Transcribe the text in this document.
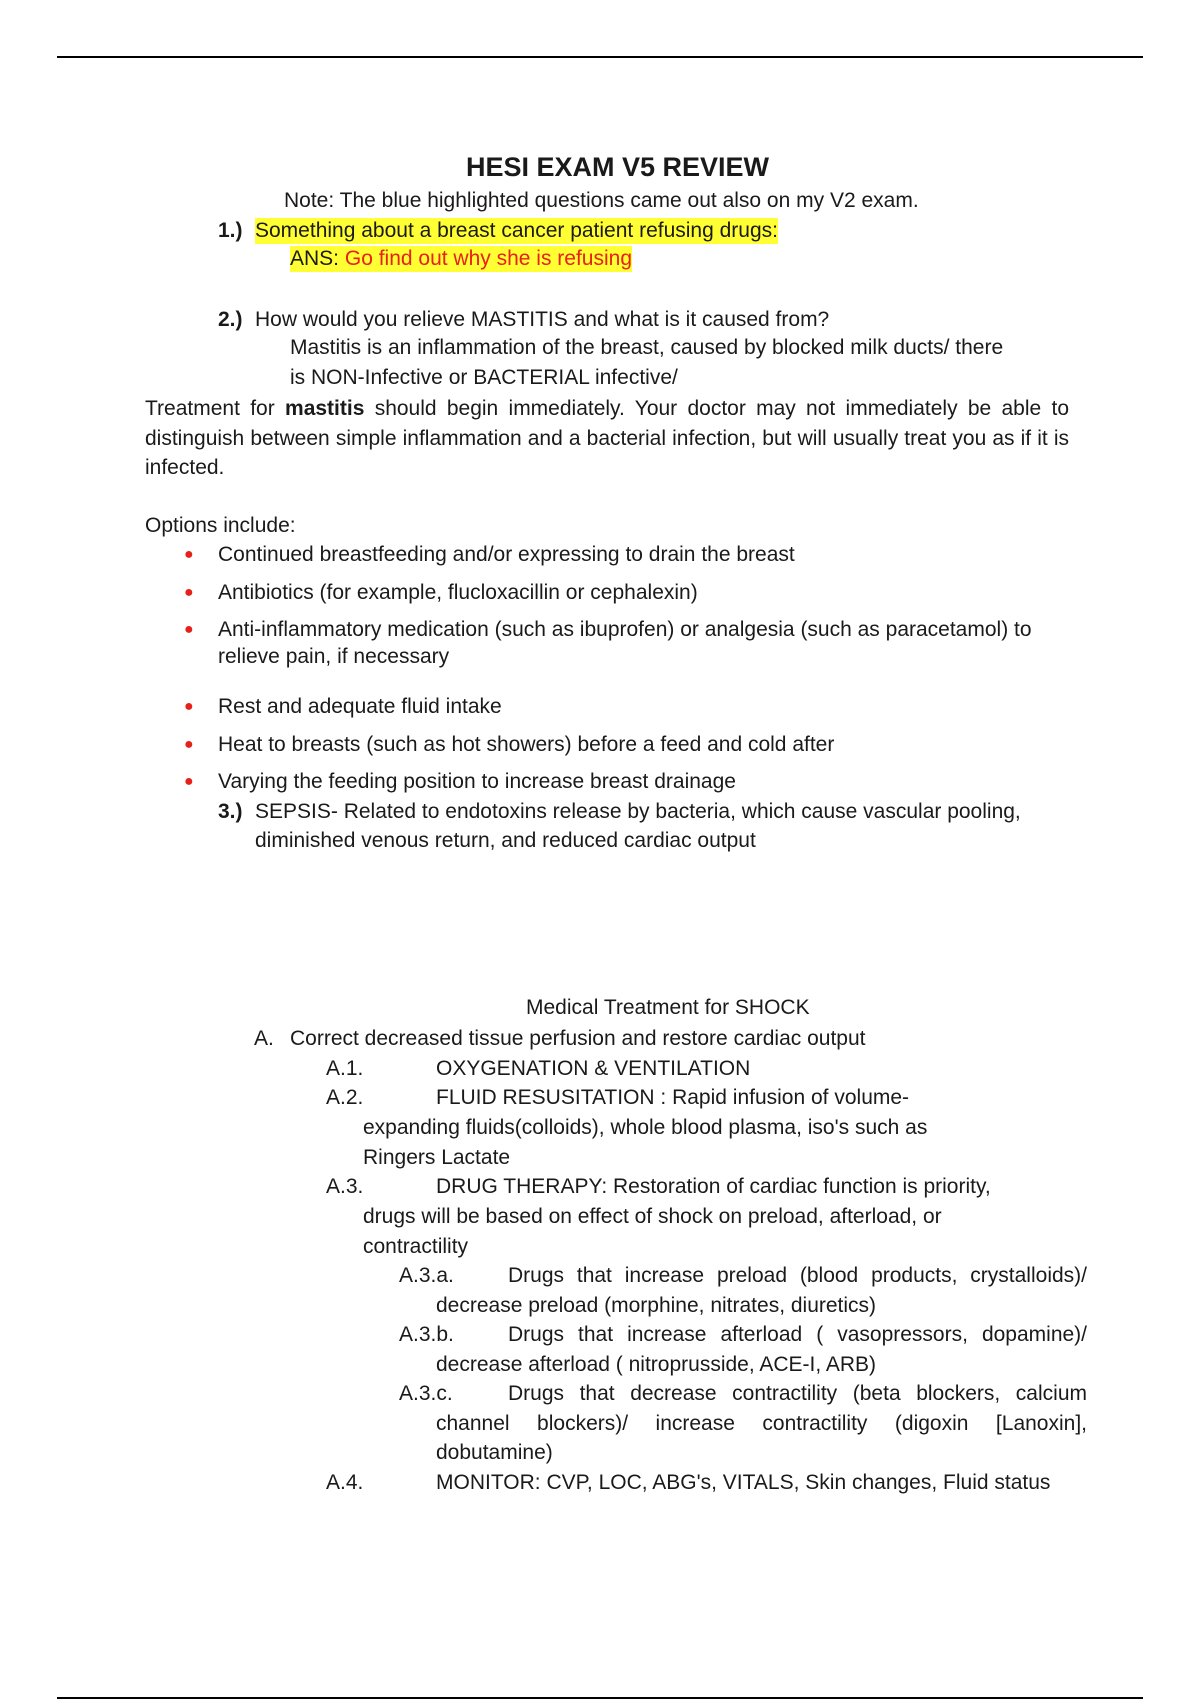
HESI EXAM V5 REVIEW
Note: The blue highlighted questions came out also on my V2 exam.
1.) Something about a breast cancer patient refusing drugs:
ANS: Go find out why she is refusing
2.) How would you relieve MASTITIS and what is it caused from?
Mastitis is an inflammation of the breast, caused by blocked milk ducts/ there
is NON-Infective or BACTERIAL infective/
Treatment for mastitis should begin immediately. Your doctor may not immediately be able to distinguish between simple inflammation and a bacterial infection, but will usually treat you as if it is infected.
Options include:
● Continued breastfeeding and/or expressing to drain the breast
● Antibiotics (for example, flucloxacillin or cephalexin)
● Anti-inflammatory medication (such as ibuprofen) or analgesia (such as paracetamol) to relieve pain, if necessary
● Rest and adequate fluid intake
● Heat to breasts (such as hot showers) before a feed and cold after
● Varying the feeding position to increase breast drainage
3.) SEPSIS- Related to endotoxins release by bacteria, which cause vascular pooling,
diminished venous return, and reduced cardiac output
Medical Treatment for SHOCK
A. Correct decreased tissue perfusion and restore cardiac output
A.1.	OXYGENATION & VENTILATION
A.2.	FLUID RESUSITATION : Rapid infusion of volume-
expanding fluids(colloids), whole blood plasma, iso's such as
Ringers Lactate
A.3.	DRUG THERAPY: Restoration of cardiac function is priority,
drugs will be based on effect of shock on preload, afterload, or
contractility
A.3.a.	Drugs that increase preload (blood products, crystalloids)/ decrease preload (morphine, nitrates, diuretics)
A.3.b.	Drugs that increase afterload ( vasopressors, dopamine)/ decrease afterload ( nitroprusside, ACE-I, ARB)
A.3.c.	Drugs that decrease contractility (beta blockers, calcium channel blockers)/ increase contractility (digoxin [Lanoxin], dobutamine)
A.4.	MONITOR: CVP, LOC, ABG's, VITALS, Skin changes, Fluid status
